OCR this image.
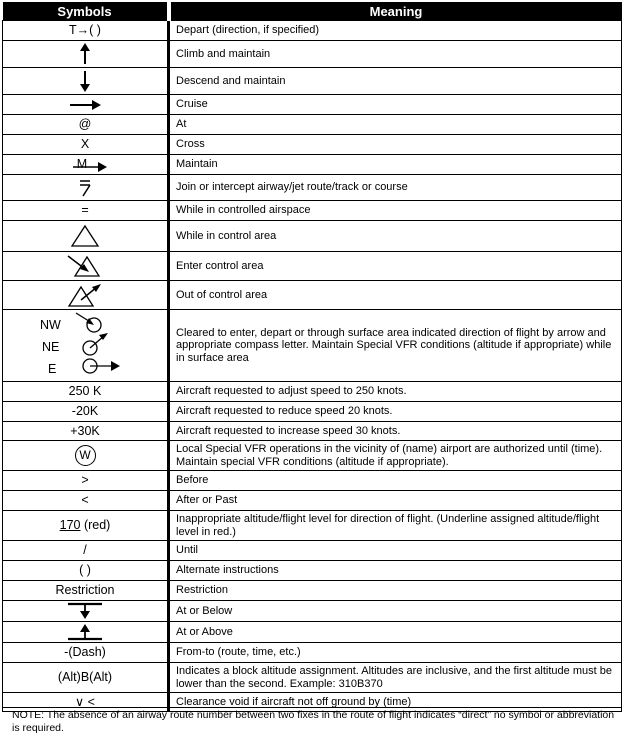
Symbols	Meaning
T→( )	Depart (direction, if specified)

	Climb and maintain

	Descend and maintain

	Cruise
@	At
X	Cross
M	Maintain

	Join or intercept airway/jet route/track or course
=	While in controlled airspace

	While in control area

	Enter control area

	Out of control area

NW
NE
E	Cleared to enter, depart or through surface area indicated direction of flight by arrow and appropriate compass letter. Maintain Special VFR conditions (altitude if appropriate) while in surface area
250 K	Aircraft requested to adjust speed to 250 knots.
-20K	Aircraft requested to reduce speed 20 knots.
+30K	Aircraft requested to increase speed 30 knots.
W	Local Special VFR operations in the vicinity of (name) airport are authorized until (time). Maintain special VFR conditions (altitude if appropriate).
>	Before
<	After or Past
170 (red)	Inappropriate altitude/flight level for direction of flight. (Underline assigned altitude/flight level in red.)
/	Until
( )	Alternate instructions
Restriction	Restriction

	At or Below

	At or Above
-(Dash)	From-to (route, time, etc.)
(Alt)B(Alt)	Indicates a block altitude assignment. Altitudes are inclusive, and the first altitude must be lower than the second. Example: 310B370
∨ <	Clearance void if aircraft not off ground by (time)
NOTE: The absence of an airway route number between two fixes in the route of flight indicates “direct” no symbol or abbreviation is required.
